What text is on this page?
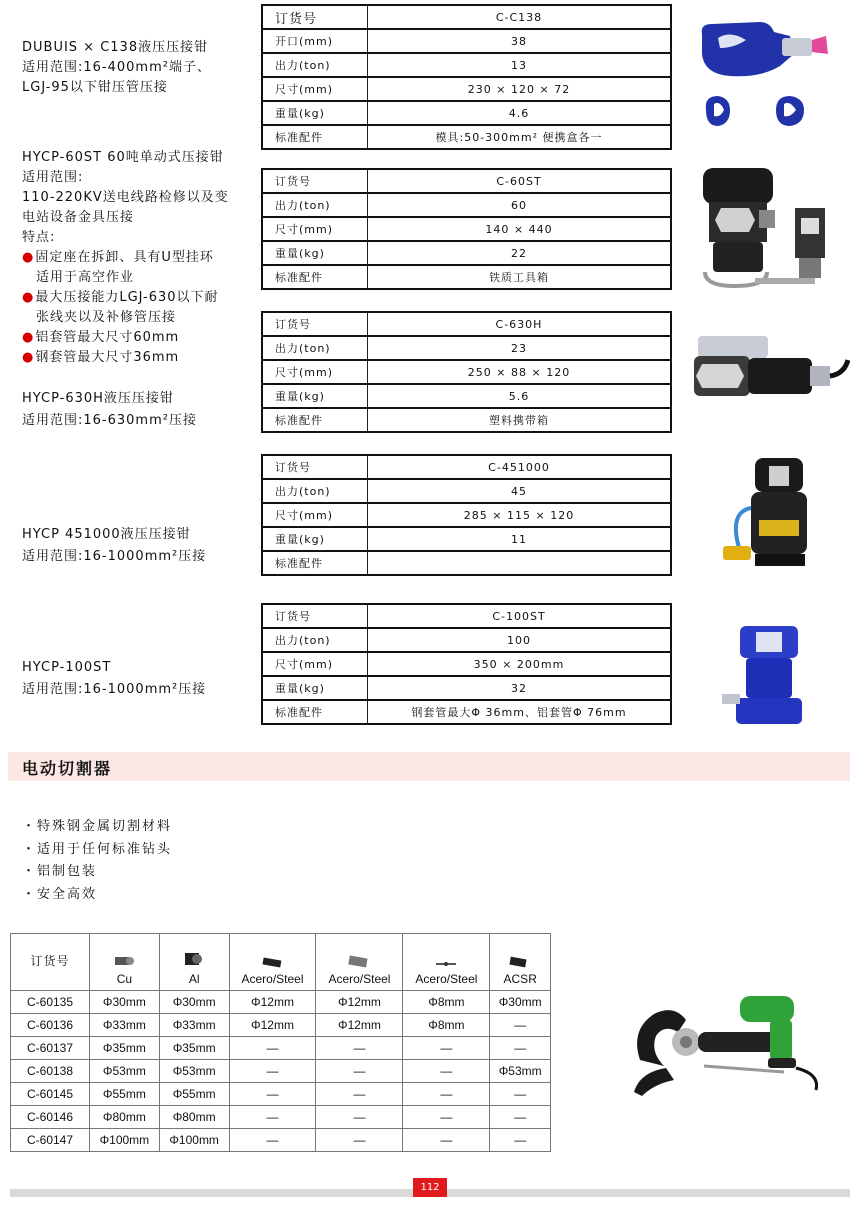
DUBUIS × C138液压压接钳
适用范围:16-400mm²端子、
LGJ-95以下钳压管压接
订货号	C-C138
开口(mm)	38
出力(ton)	13
尺寸(mm)	230 × 120 × 72
重量(kg)	4.6
标准配件	模具:50-300mm² 便携盒各一
HYCP-60ST 60吨单动式压接钳
适用范围:
110-220KV送电线路检修以及变
电站设备金具压接
特点:
●固定座在拆卸、具有U型挂环
适用于高空作业
●最大压接能力LGJ-630以下耐
张线夹以及补修管压接
●铝套管最大尺寸60mm
●钢套管最大尺寸36mm
订货号	C-60ST
出力(ton)	60
尺寸(mm)	140 × 440
重量(kg)	22
标准配件	铁质工具箱
HYCP-630H液压压接钳
适用范围:16-630mm²压接
订货号	C-630H
出力(ton)	23
尺寸(mm)	250 × 88 × 120
重量(kg)	5.6
标准配件	塑料携带箱
HYCP 451000液压压接钳
适用范围:16-1000mm²压接
订货号	C-451000
出力(ton)	45
尺寸(mm)	285 × 115 × 120
重量(kg)	11
标准配件	
HYCP-100ST
适用范围:16-1000mm²压接
订货号	C-100ST
出力(ton)	100
尺寸(mm)	350 × 200mm
重量(kg)	32
标准配件	钢套管最大Φ 36mm、铝套管Φ 76mm
电动切割器
・特殊钢金属切割材料
・适用于任何标准钻头
・铝制包装
・安全高效
订货号	Cu	Al	Acero/Steel	Acero/Steel	Acero/Steel	ACSR
C-60135	Φ30mm	Φ30mm	Φ12mm	Φ12mm	Φ8mm	Φ30mm
C-60136	Φ33mm	Φ33mm	Φ12mm	Φ12mm	Φ8mm	—
C-60137	Φ35mm	Φ35mm	—	—	—	—
C-60138	Φ53mm	Φ53mm	—	—	—	Φ53mm
C-60145	Φ55mm	Φ55mm	—	—	—	—
C-60146	Φ80mm	Φ80mm	—	—	—	—
C-60147	Φ100mm	Φ100mm	—	—	—	—
112
